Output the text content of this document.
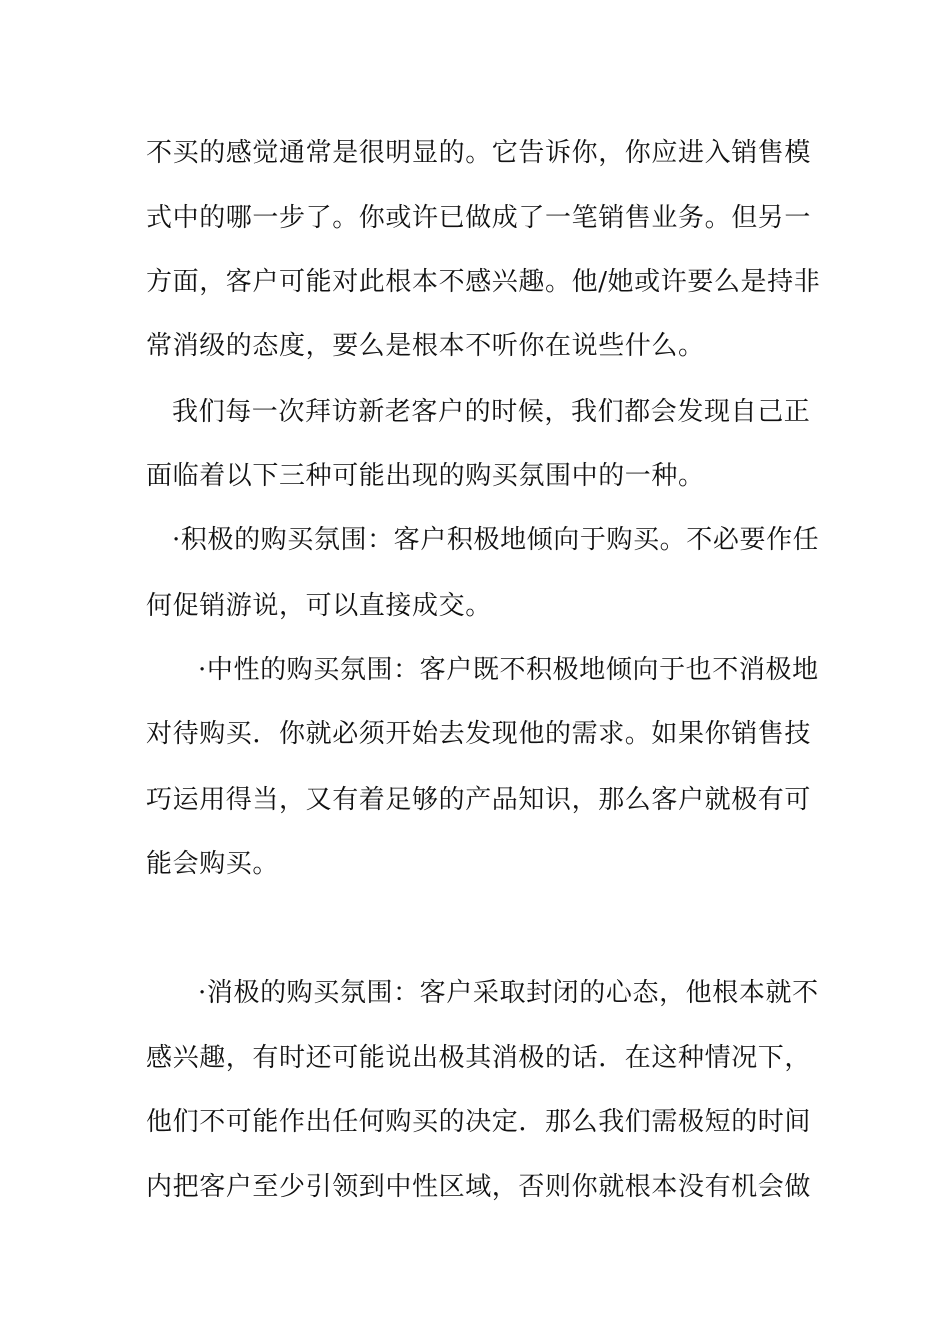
不买的感觉通常是很明显的。它告诉你，你应进入销售模
式中的哪一步了。你或许已做成了一笔销售业务。但另一
方面，客户可能对此根本不感兴趣。他/她或许要么是持非
常消级的态度，要么是根本不听你在说些什么。
我们每一次拜访新老客户的时候，我们都会发现自己正
面临着以下三种可能出现的购买氛围中的一种。
·积极的购买氛围：客户积极地倾向于购买。不必要作任
何促销游说，可以直接成交。
·中性的购买氛围：客户既不积极地倾向于也不消极地
对待购买．你就必须开始去发现他的需求。如果你销售技
巧运用得当，又有着足够的产品知识，那么客户就极有可
能会购买。
·消极的购买氛围：客户采取封闭的心态，他根本就不
感兴趣，有时还可能说出极其消极的话．在这种情况下，
他们不可能作出任何购买的决定．那么我们需极短的时间
内把客户至少引领到中性区域，否则你就根本没有机会做
